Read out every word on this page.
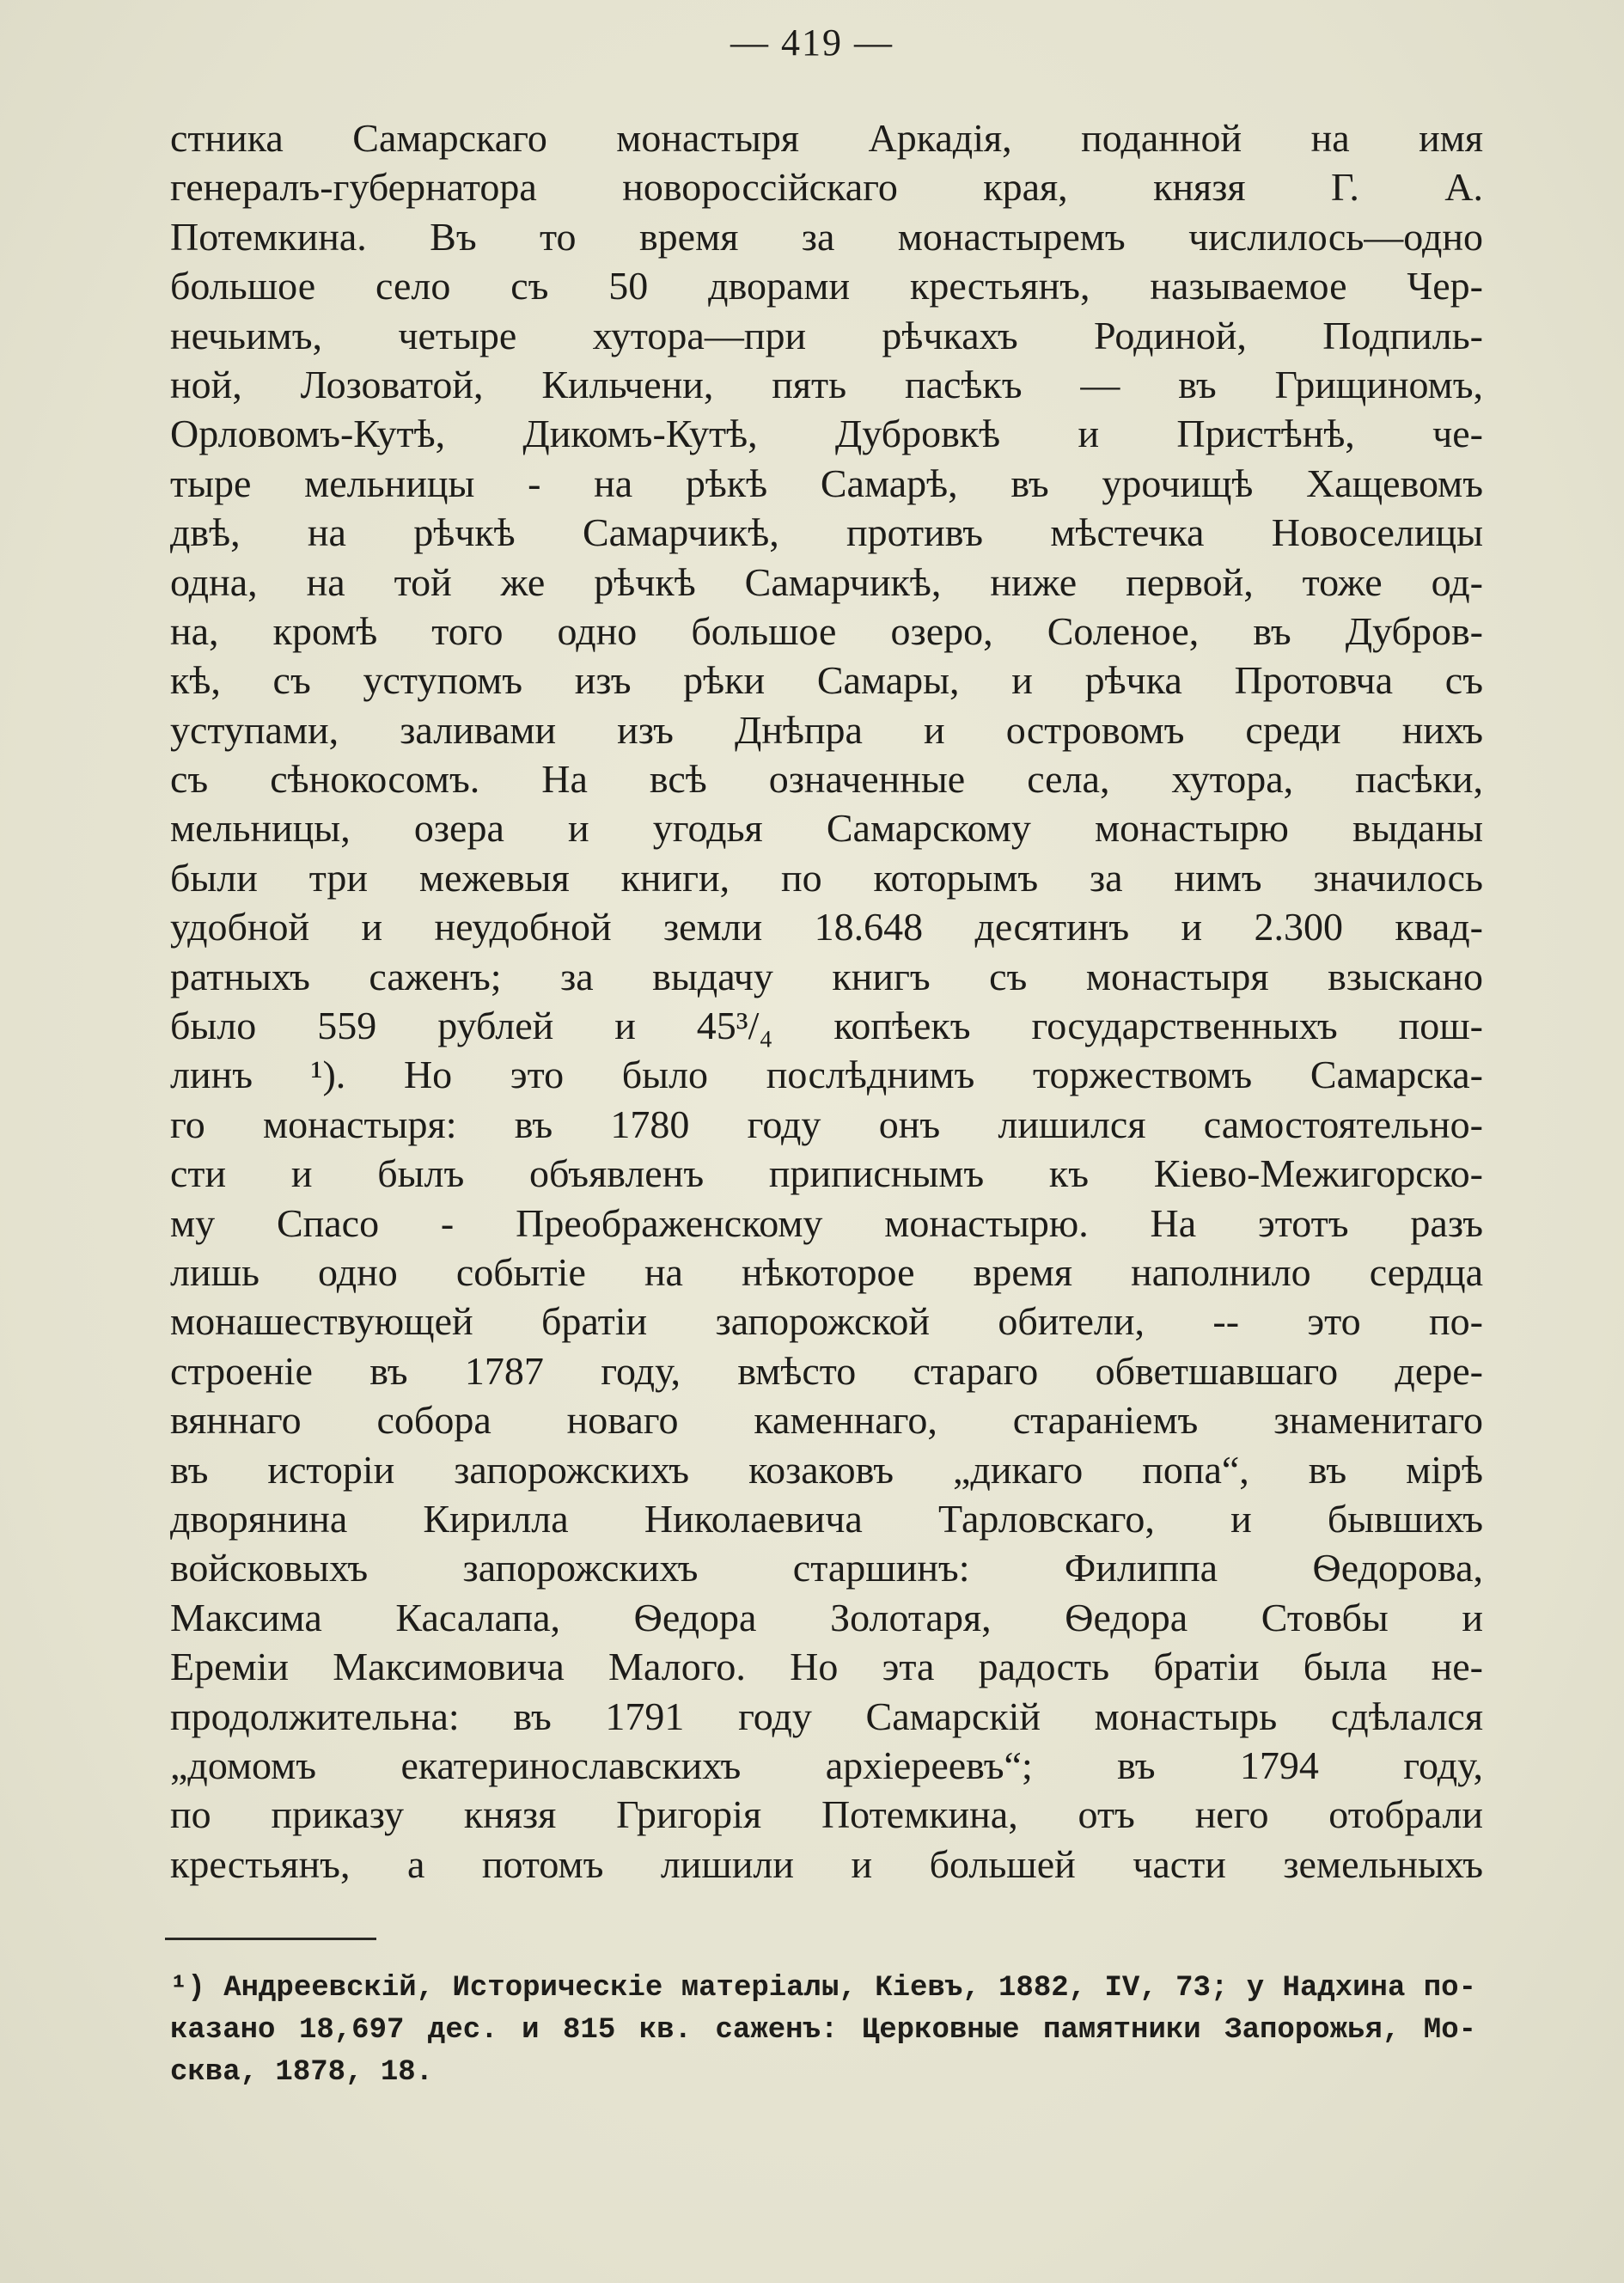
— 419 —
стника Самарскаго монастыря Аркадія, поданной на имя
генералъ-губернатора новороссійскаго края, князя Г. А.
Потемкина. Въ то время за монастыремъ числилось—одно
большое село съ 50 дворами крестьянъ, называемое Чер-
нечьимъ, четыре хутора—при рѣчкахъ Родиной, Подпиль-
ной, Лозоватой, Кильчени, пять пасѣкъ — въ Грищиномъ,
Орловомъ-Кутѣ, Дикомъ-Кутѣ, Дубровкѣ и Пристѣнѣ, че-
тыре мельницы - на рѣкѣ Самарѣ, въ урочищѣ Хащевомъ
двѣ, на рѣчкѣ Самарчикѣ, противъ мѣстечка Новоселицы
одна, на той же рѣчкѣ Самарчикѣ, ниже первой, тоже од-
на, кромѣ того одно большое озеро, Соленое, въ Дубров-
кѣ, съ уступомъ изъ рѣки Самары, и рѣчка Протовча съ
уступами, заливами изъ Днѣпра и островомъ среди нихъ
съ сѣнокосомъ. На всѣ означенные села, хутора, пасѣки,
мельницы, озера и угодья Самарскому монастырю выданы
были три межевыя книги, по которымъ за нимъ значилось
удобной и неудобной земли 18.648 десятинъ и 2.300 квад-
ратныхъ саженъ; за выдачу книгъ съ монастыря взыскано
было 559 рублей и 45³/₄ копѣекъ государственныхъ пош-
линъ ¹). Но это было послѣднимъ торжествомъ Самарска-
го монастыря: въ 1780 году онъ лишился самостоятельно-
сти и былъ объявленъ приписнымъ къ Кіево-Межигорско-
му Спасо - Преображенскому монастырю. На этотъ разъ
лишь одно событіе на нѣкоторое время наполнило сердца
монашествующей братіи запорожской обители, -- это по-
строеніе въ 1787 году, вмѣсто стараго обветшавшаго дере-
вяннаго собора новаго каменнаго, стараніемъ знаменитаго
въ исторіи запорожскихъ козаковъ „дикаго попа“, въ мірѣ
дворянина Кирилла Николаевича Тарловскаго, и бывшихъ
войсковыхъ запорожскихъ старшинъ: Филиппа Ѳедорова,
Максима Касалапа, Ѳедора Золотаря, Ѳедора Стовбы и
Ереміи Максимовича Малого. Но эта радость братіи была не-
продолжительна: въ 1791 году Самарскій монастырь сдѣлался
„домомъ екатеринославскихъ архіереевъ“; въ 1794 году,
по приказу князя Григорія Потемкина, отъ него отобрали
крестьянъ, а потомъ лишили и большей части земельныхъ
¹) Андреевскій, Историческіе матеріалы, Кіевъ, 1882, IV, 73; у Надхина по-
казано 18,697 дес. и 815 кв. саженъ: Церковные памятники Запорожья, Мо-
сква, 1878, 18.
